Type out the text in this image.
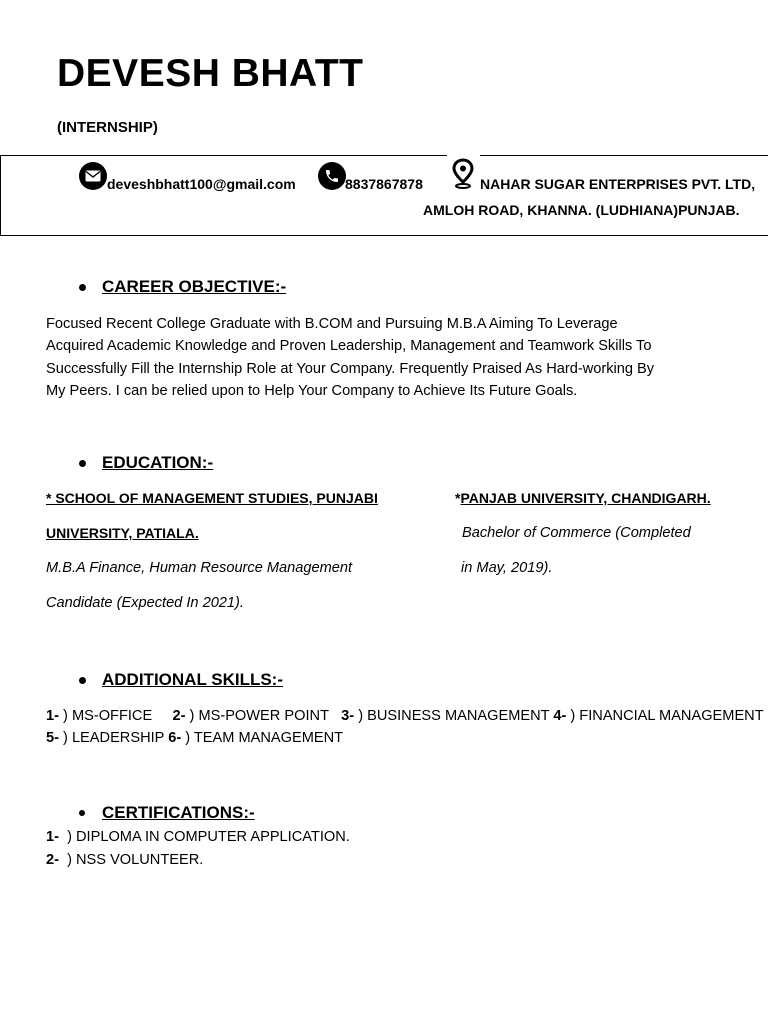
DEVESH BHATT
(INTERNSHIP)
deveshbhatt100@gmail.com	8837867878	NAHAR SUGAR ENTERPRISES PVT. LTD,
AMLOH ROAD, KHANNA. (LUDHIANA)PUNJAB.
CAREER OBJECTIVE:-
Focused Recent College Graduate with B.COM and Pursuing M.B.A Aiming To Leverage
Acquired Academic Knowledge and Proven Leadership, Management and Teamwork Skills To
Successfully Fill the Internship Role at Your Company. Frequently Praised As Hard-working By
My Peers. I can be relied upon to Help Your Company to Achieve Its Future Goals.
EDUCATION:-
* SCHOOL OF MANAGEMENT STUDIES, PUNJABI
UNIVERSITY, PATIALA.
M.B.A Finance, Human Resource Management
Candidate (Expected In 2021).
*PANJAB UNIVERSITY, CHANDIGARH.
Bachelor of Commerce (Completed
in May, 2019).
ADDITIONAL SKILLS:-
1- ) MS-OFFICE 2- ) MS-POWER POINT 3- ) BUSINESS MANAGEMENT 4- ) FINANCIAL MANAGEMENT 5- ) LEADERSHIP 6- ) TEAM MANAGEMENT
CERTIFICATIONS:-
1- ) DIPLOMA IN COMPUTER APPLICATION.
2- ) NSS VOLUNTEER.
